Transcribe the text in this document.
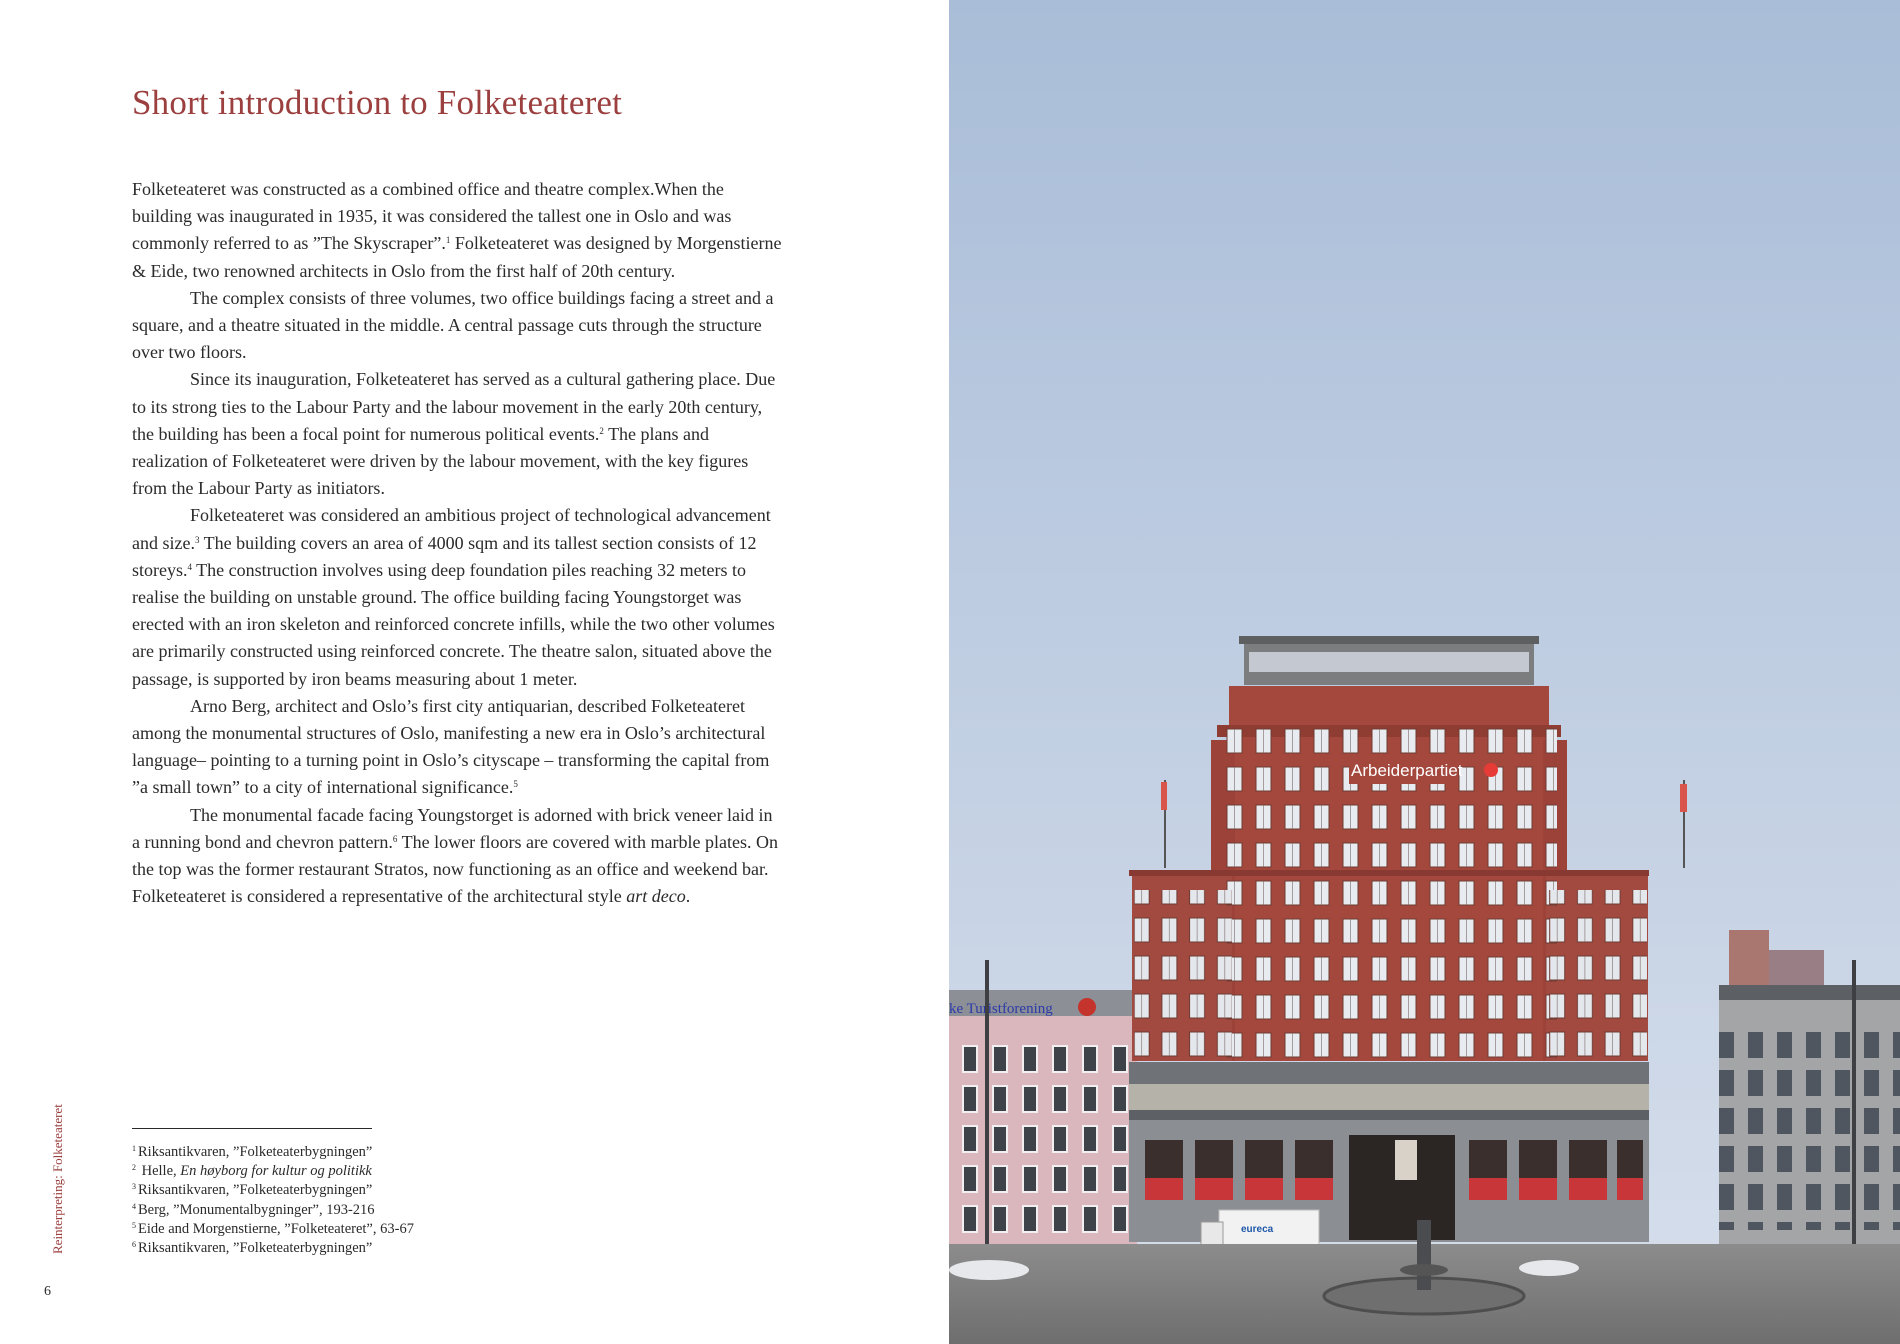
Short introduction to Folketeateret

Folketeateret was constructed as a combined office and theatre complex.When the building was inaugurated in 1935, it was considered the tallest one in Oslo and was commonly referred to as ”The Skyscraper”.$^1$ Folketeateret was designed by Morgenstierne & Eide, two renowned architects in Oslo from the first half of 20th century.

The complex consists of three volumes, two office buildings facing a street and a square, and a theatre situated in the middle. A central passage cuts through the structure over two floors.

Since its inauguration, Folketeateret has served as a cultural gathering place. Due to its strong ties to the Labour Party and the labour movement in the early 20th century, the building has been a focal point for numerous political events.$^2$ The plans and realization of Folketeateret were driven by the labour movement, with the key figures from the Labour Party as initiators.

Folketeateret was considered an ambitious project of technological advancement and size.$^3$ The building covers an area of 4000 sqm and its tallest section consists of 12 storeys.$^4$ The construction involves using deep foundation piles reaching 32 meters to realise the building on unstable ground. The office building facing Youngstorget was erected with an iron skeleton and reinforced concrete infills, while the two other volumes are primarily constructed using reinforced concrete. The theatre salon, situated above the passage, is supported by iron beams measuring about 1 meter.

Arno Berg, architect and Oslo’s first city antiquarian, described Folketeateret among the monumental structures of Oslo, manifesting a new era in Oslo’s architectural language– pointing to a turning point in Oslo’s cityscape – transforming the capital from ”a small town” to a city of international significance.$^5$

The monumental facade facing Youngstorget is adorned with brick veneer laid in a running bond and chevron pattern.$^6$ The lower floors are covered with marble plates. On the top was the former restaurant Stratos, now functioning as an office and weekend bar. Folketeateret is considered a representative of the architectural style art deco.

$^1$ Riksantikvaren, ”Folketeaterbygningen”
$^2$ Helle, En høyborg for kultur og politikk
$^3$ Riksantikvaren, ”Folketeaterbygningen”
$^4$ Berg, ”Monumentalbygninger”, 193-216
$^5$ Eide and Morgenstierne, ”Folketeateret”, 63-67
$^6$ Riksantikvaren, ”Folketeaterbygningen”
Reinterpreting: Folketeateret
6
ke Turistforening
Arbeiderpartiet
eureca
